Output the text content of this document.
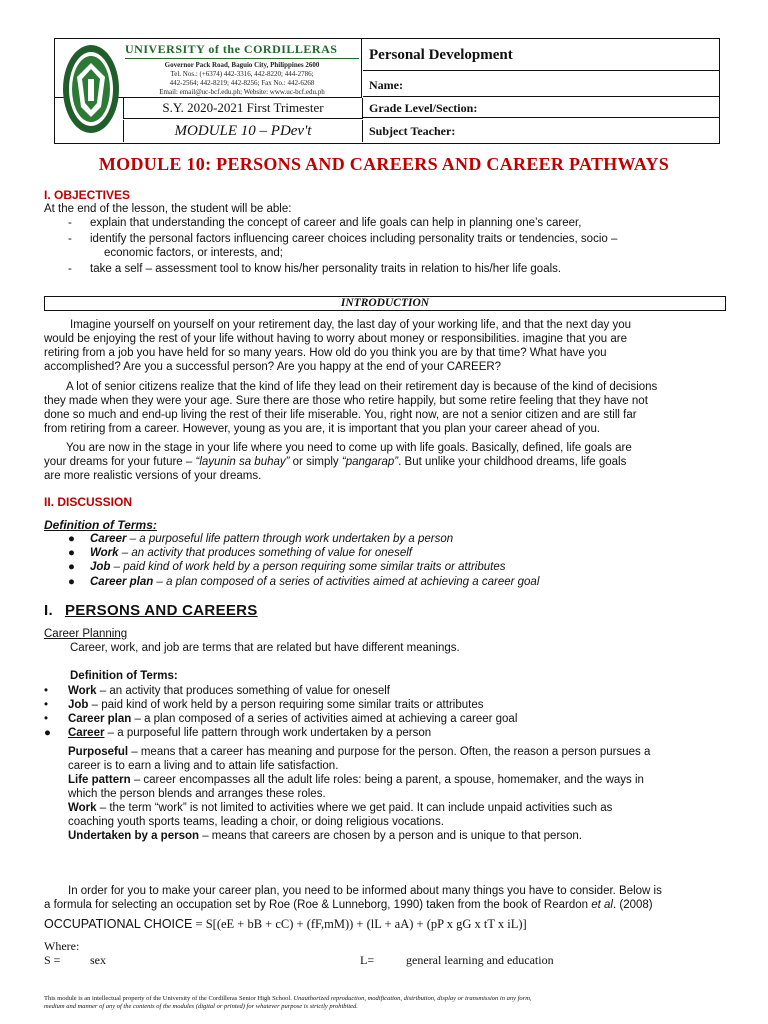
UNIVERSITY of the CORDILLERAS
Governor Pack Road, Baguio City, Philippines 2600
Tel. Nos.: (+6374) 442-3316, 442-8220; 444-2786;
442-2564; 442-8219; 442-8256; Fax No.: 442-6268
Email: email@uc-bcf.edu.ph; Website: www.uc-bcf.edu.ph
S.Y. 2020-2021 First Trimester
MODULE 10 – PDev't
Personal Development
Name:
Grade Level/Section:
Subject Teacher:
MODULE 10: PERSONS AND CAREERS AND CAREER PATHWAYS
I. OBJECTIVES
At the end of the lesson, the student will be able:
- explain that understanding the concept of career and life goals can help in planning one’s career,
- identify the personal factors influencing career choices including personality traits or tendencies, socio –
economic factors, or interests, and;
- take a self – assessment tool to know his/her personality traits in relation to his/her life goals.
INTRODUCTION
Imagine yourself on yourself on your retirement day, the last day of your working life, and that the next day you
would be enjoying the rest of your life without having to worry about money or responsibilities. imagine that you are
retiring from a job you have held for so many years. How old do you think you are by that time? What have you
accomplished? Are you a successful person? Are you happy at the end of your CAREER?
A lot of senior citizens realize that the kind of life they lead on their retirement day is because of the kind of decisions
they made when they were your age. Sure there are those who retire happily, but some retire feeling that they have not
done so much and end-up living the rest of their life miserable. You, right now, are not a senior citizen and are still far
from retiring from a career. However, young as you are, it is important that you plan your career ahead of you.
You are now in the stage in your life where you need to come up with life goals. Basically, defined, life goals are
your dreams for your future – “layunin sa buhay” or simply “pangarap”. But unlike your childhood dreams, life goals
are more realistic versions of your dreams.
II. DISCUSSION
Definition of Terms:
● Career – a purposeful life pattern through work undertaken by a person
● Work – an activity that produces something of value for oneself
● Job – paid kind of work held by a person requiring some similar traits or attributes
● Career plan – a plan composed of a series of activities aimed at achieving a career goal
I. PERSONS AND CAREERS
Career Planning
Career, work, and job are terms that are related but have different meanings.
Definition of Terms:
• Work – an activity that produces something of value for oneself
• Job – paid kind of work held by a person requiring some similar traits or attributes
• Career plan – a plan composed of a series of activities aimed at achieving a career goal
● Career – a purposeful life pattern through work undertaken by a person
Purposeful – means that a career has meaning and purpose for the person. Often, the reason a person pursues a
career is to earn a living and to attain life satisfaction.
Life pattern – career encompasses all the adult life roles: being a parent, a spouse, homemaker, and the ways in
which the person blends and arranges these roles.
Work – the term “work” is not limited to activities where we get paid. It can include unpaid activities such as
coaching youth sports teams, leading a choir, or doing religious vocations.
Undertaken by a person – means that careers are chosen by a person and is unique to that person.
In order for you to make your career plan, you need to be informed about many things you have to consider. Below is
a formula for selecting an occupation set by Roe (Roe & Lunneborg, 1990) taken from the book of Reardon et al. (2008)
OCCUPATIONAL CHOICE = S[(eE + bB + cC) + (fF,mM)) + (lL + aA) + (pP x gG x tT x iL)]
Where:
S = sex	L=	general learning and education
This module is an intellectual property of the University of the Cordilleras Senior High School. Unauthorized reproduction, modification, distribution, display or transmission in any form,
medium and manner of any of the contents of the modules (digital or printed) for whatever purpose is strictly prohibited.
